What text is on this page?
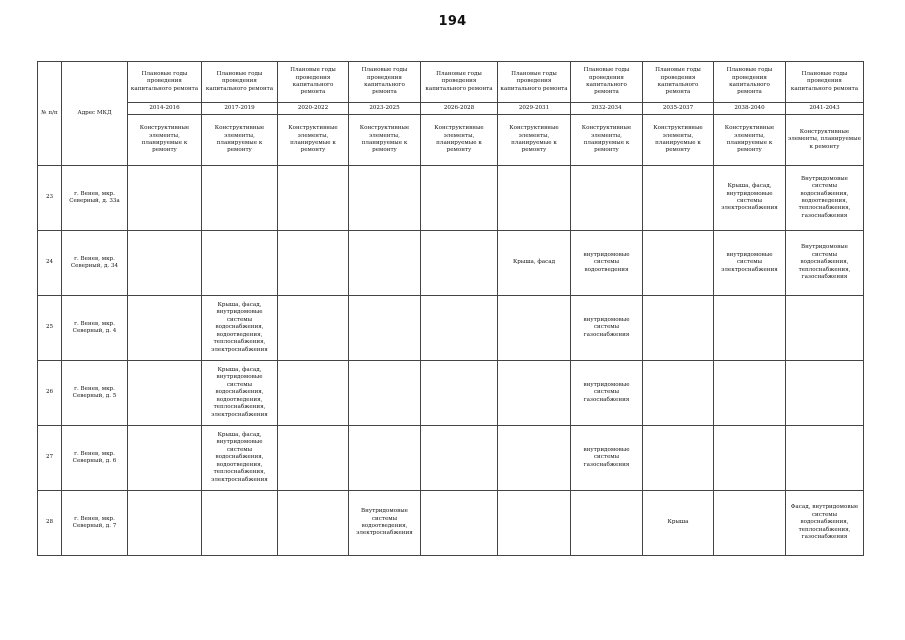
194
№ п/п	Адрес МКД	Плановые годы проведения капитального ремонта	Плановые годы проведения капитального ремонта	Плановые годы проведения капитального ремонта	Плановые годы проведения капитального ремонта	Плановые годы проведения капитального ремонта	Плановые годы проведения капитального ремонта	Плановые годы проведения капитального ремонта	Плановые годы проведения капитального ремонта	Плановые годы проведения капитального ремонта	Плановые годы проведения капитального ремонта
		2014-2016	2017-2019	2020-2022	2023-2025	2026-2028	2029-2031	2032-2034	2035-2037	2038-2040	2041-2043
		Конструктивные элементы, планируемые к ремонту	Конструктивные элементы, планируемые к ремонту	Конструктивные элементы, планируемые к ремонту	Конструктивные элементы, планируемые к ремонту	Конструктивные элементы, планируемые к ремонту	Конструктивные элементы, планируемые к ремонту	Конструктивные элементы, планируемые к ремонту	Конструктивные элементы, планируемые к ремонту	Конструктивные элементы, планируемые к ремонту	Конструктивные элементы, планируемые к ремонту
23	г. Венев, мкр. Северный, д. 33а									Крыша, фасад, внутридомовые системы электроснабжения	Внутридомовые системы водоснабжения, водоотведения, теплоснабжения, газоснабжения
24	г. Венев, мкр. Северный, д. 34						Крыша, фасад	внутридомовые системы водоотведения		внутридомовые системы электроснабжения	Внутридомовые системы водоснабжения, теплоснабжения, газоснабжения
25	г. Венев, мкр. Северный, д. 4		Крыша, фасад, внутридомовые системы водоснабжения, водоотведения, теплоснабжения, электроснабжения					внутридомовые системы газоснабжения			
26	г. Венев, мкр. Северный, д. 5		Крыша, фасад, внутридомовые системы водоснабжения, водоотведения, теплоснабжения, электроснабжения					внутридомовые системы газоснабжения			
27	г. Венев, мкр. Северный, д. 6		Крыша, фасад, внутридомовые системы водоснабжения, водоотведения, теплоснабжения, электроснабжения					внутридомовые системы газоснабжения			
28	г. Венев, мкр. Северный, д. 7				Внутридомовые системы водоотведения, электроснабжения				Крыша		Фасад, внутридомовые системы водоснабжения, теплоснабжения, газоснабжения
